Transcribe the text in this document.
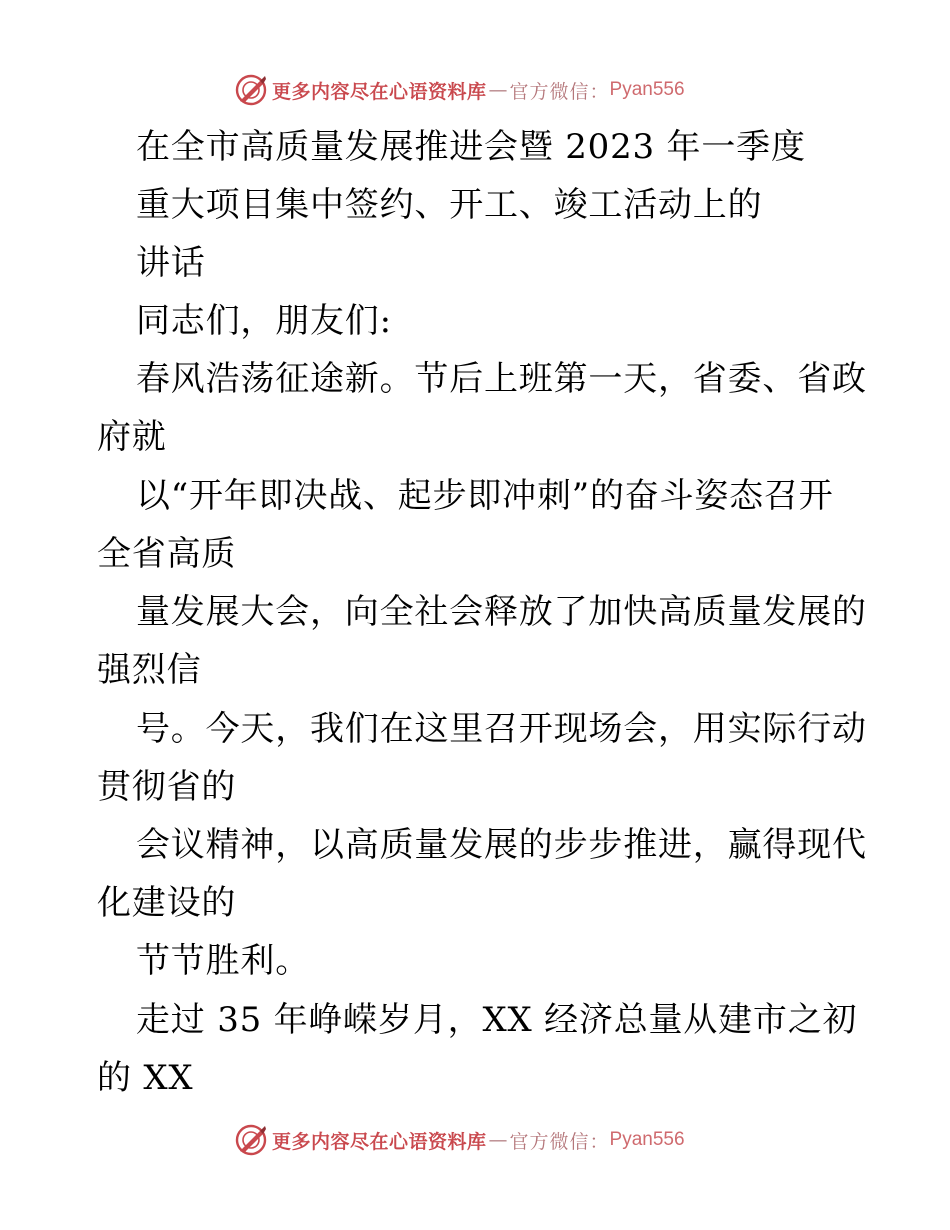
更多内容尽在心语资料库 — 官方微信： Pyan556
在全市高质量发展推进会暨 2023 年一季度
重大项目集中签约、开工、竣工活动上的
讲话
同志们，朋友们:
春风浩荡征途新。节后上班第一天，省委、省政
府就
以“开年即决战、起步即冲刺”的奋斗姿态召开
全省高质
量发展大会，向全社会释放了加快高质量发展的
强烈信
号。今天，我们在这里召开现场会，用实际行动
贯彻省的
会议精神，以高质量发展的步步推进，赢得现代
化建设的
节节胜利。
走过 35 年峥嵘岁月，XX 经济总量从建市之初
的 XX
更多内容尽在心语资料库 — 官方微信： Pyan556
